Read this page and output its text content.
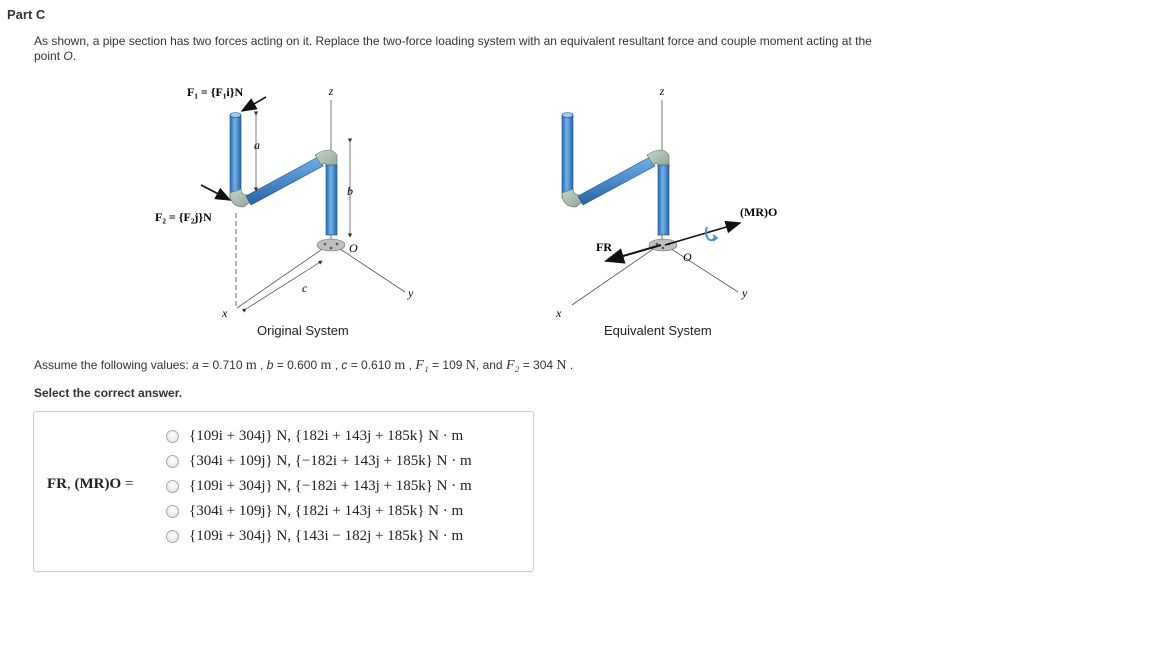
Part C
As shown, a pipe section has two forces acting on it. Replace the two-force loading system with an equivalent resultant force and couple moment acting at the point O.
z
y
x
c
O
a
b
F₁ = {F₁i}N
F₂ = {F₂j}N
z
y
x
O
FR
(MR)O
Original System	Equivalent System
Assume the following values: a = 0.710 m , b = 0.600 m , c = 0.610 m , F₁ = 109 N, and F₂ = 304 N .
Select the correct answer.
FR, (MR)O =
{109i + 304j} N, {182i + 143j + 185k} N · m
{304i + 109j} N, {−182i + 143j + 185k} N · m
{109i + 304j} N, {−182i + 143j + 185k} N · m
{304i + 109j} N, {182i + 143j + 185k} N · m
{109i + 304j} N, {143i − 182j + 185k} N · m
